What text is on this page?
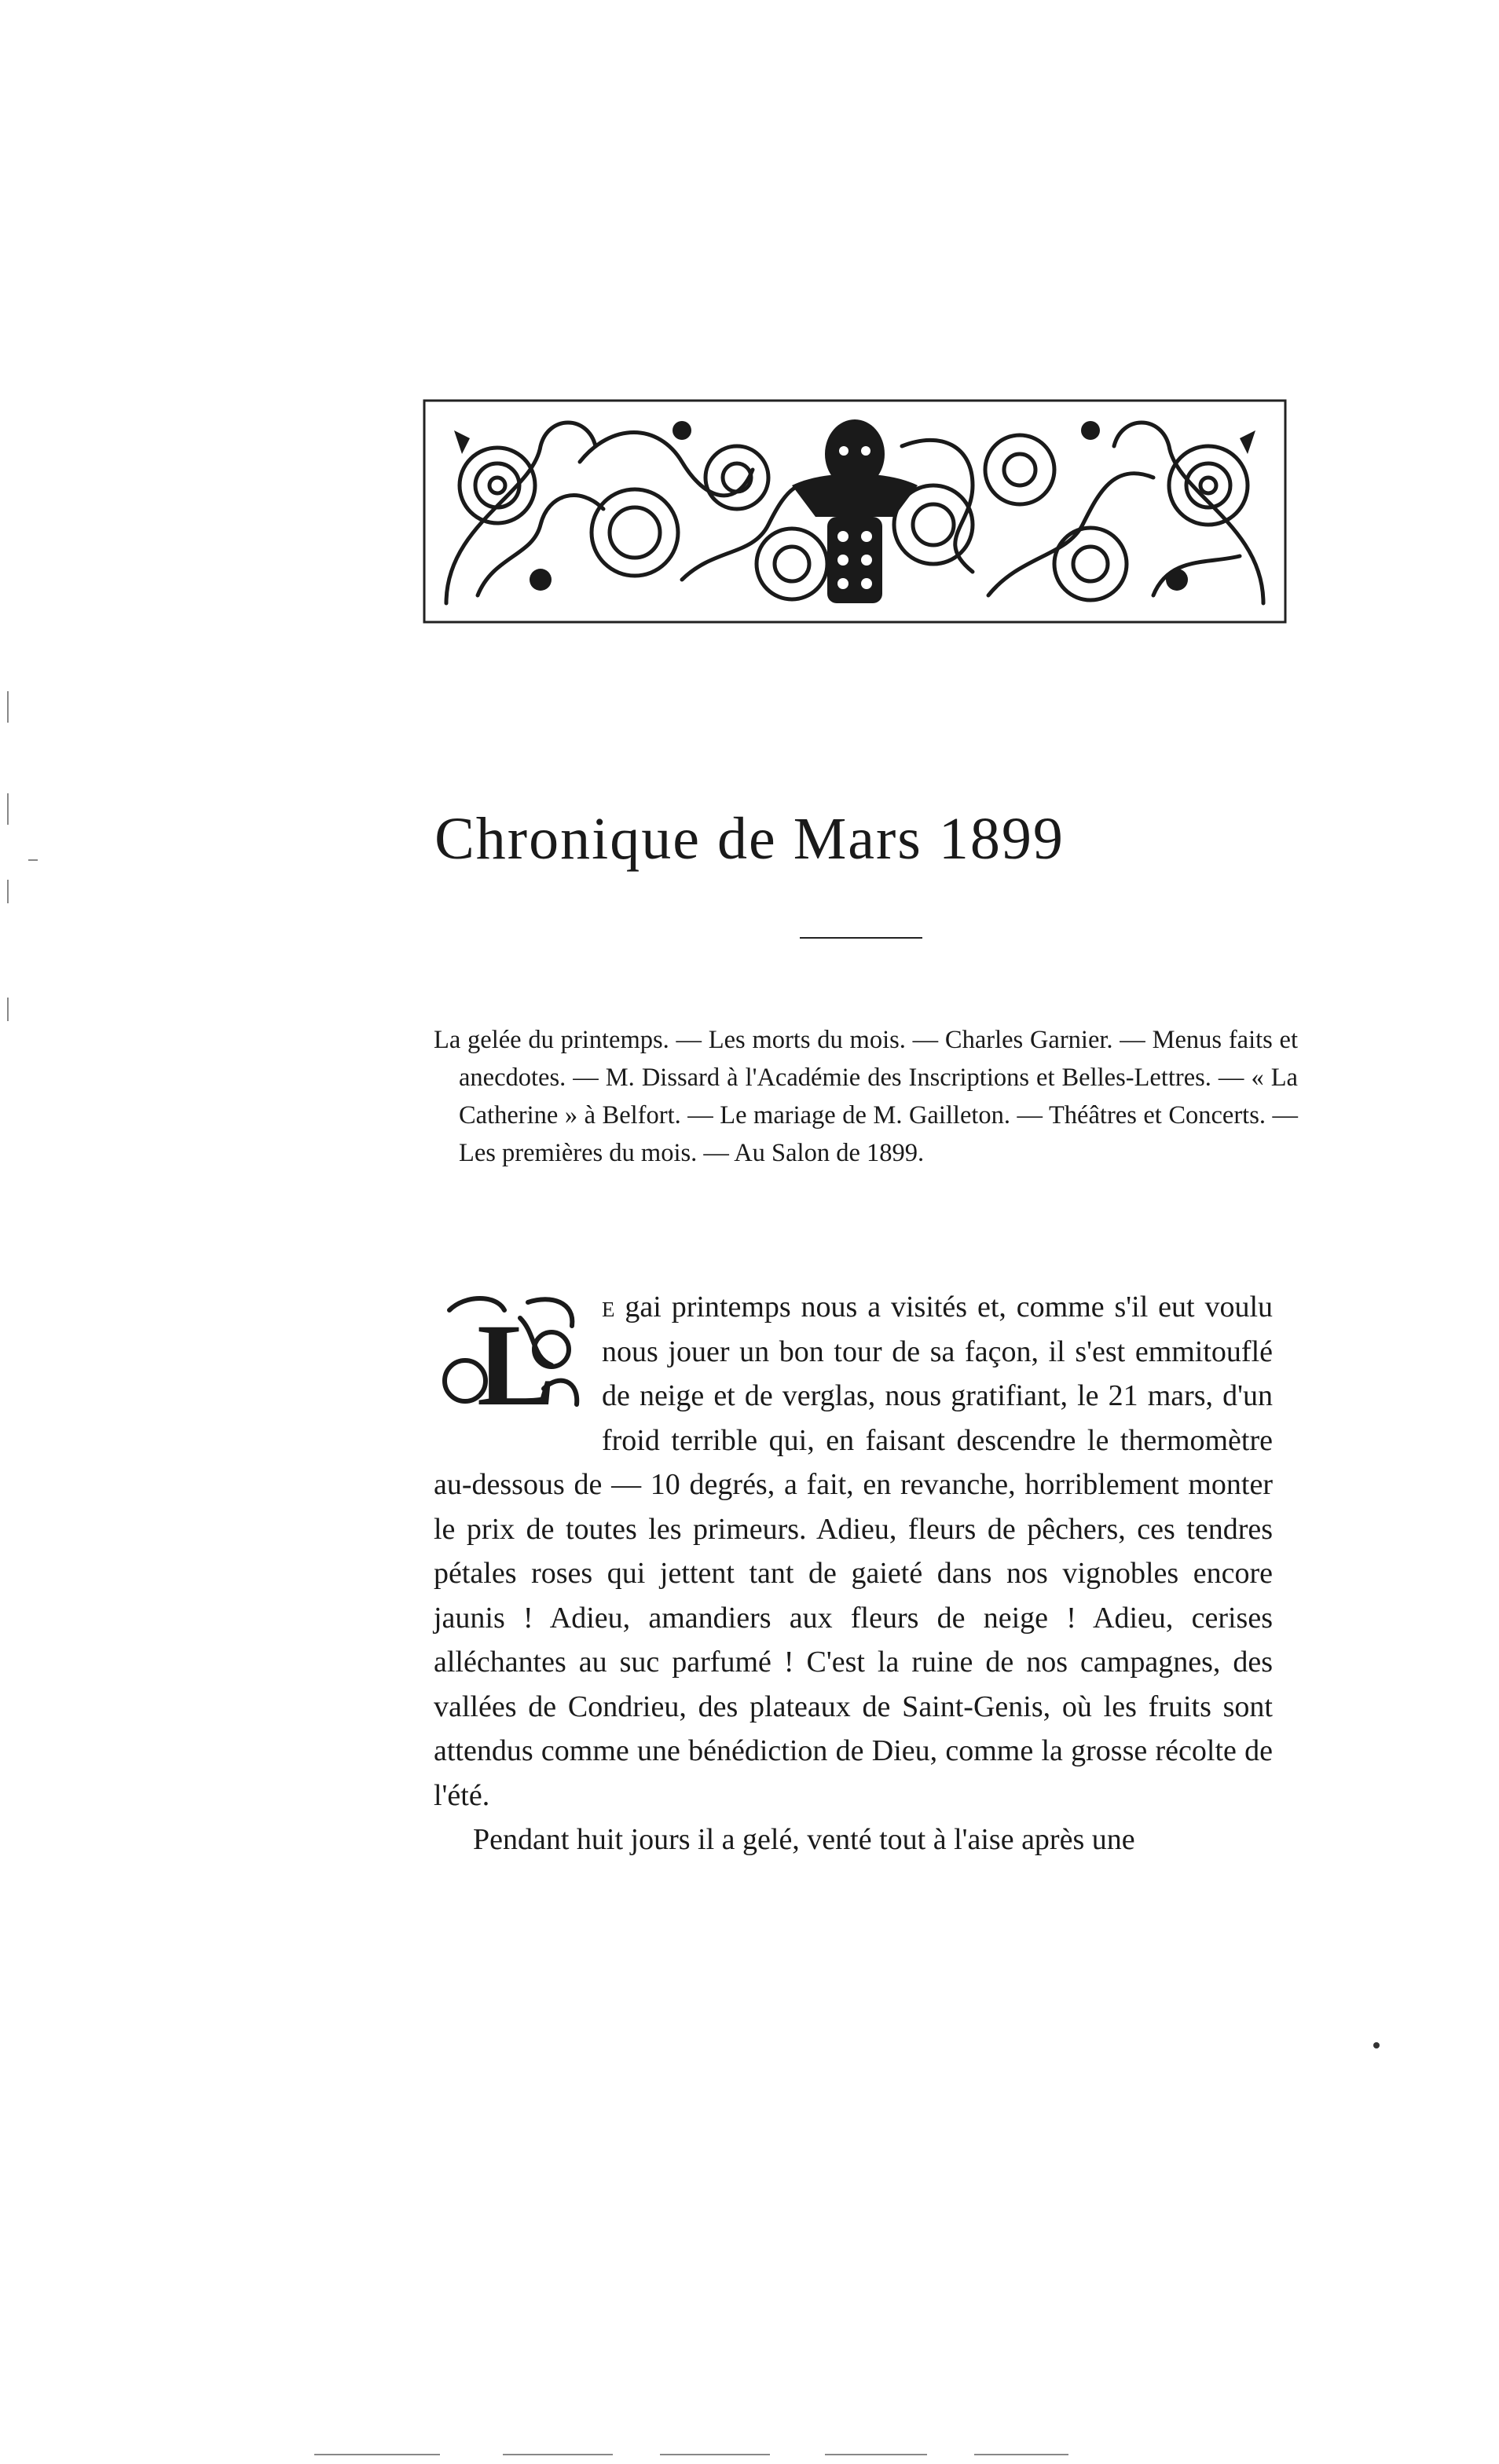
Chronique de Mars 1899
La gelée du printemps. — Les morts du mois. — Charles Garnier. — Menus faits et anecdotes. — M. Dissard à l'Académie des Inscriptions et Belles-Lettres. — « La Catherine » à Belfort. — Le mariage de M. Gailleton. — Théâtres et Concerts. — Les premières du mois. — Au Salon de 1899.

L e gai printemps nous a visités et, comme s'il eut voulu nous jouer un bon tour de sa façon, il s'est emmitouflé de neige et de verglas, nous gratifiant, le 21 mars, d'un froid terrible qui, en faisant descendre le thermomètre au-dessous de — 10 degrés, a fait, en revanche, horriblement monter le prix de toutes les primeurs. Adieu, fleurs de pêchers, ces tendres pétales roses qui jettent tant de gaieté dans nos vignobles encore jaunis ! Adieu, amandiers aux fleurs de neige ! Adieu, cerises alléchantes au suc parfumé ! C'est la ruine de nos campagnes, des vallées de Condrieu, des plateaux de Saint-Genis, où les fruits sont attendus comme une bénédiction de Dieu, comme la grosse récolte de l'été.

Pendant huit jours il a gelé, venté tout à l'aise après une
